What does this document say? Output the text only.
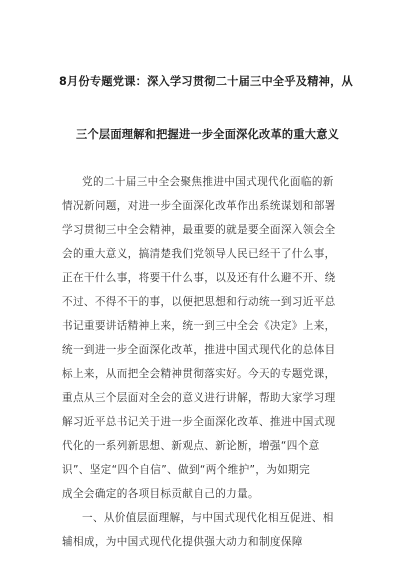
8月份专题党课：深入学习贯彻二十届三中全乎及精神，从
三个层面理解和把握进一步全面深化改革的重大意义
党的二十届三中全会聚焦推进中国式现代化面临的新
情况新问题，对进一步全面深化改革作出系统谋划和部署
学习贯彻三中全会精神，最重要的就是要全面深入领会全
会的重大意义，搞清楚我们党领导人民已经干了什么事，
正在干什么事，将要干什么事，以及还有什么避不开、绕
不过、不得不干的事，以便把思想和行动统一到习近平总
书记重要讲话精神上来，统一到三中全会《决定》上来，
统一到进一步全面深化改革，推进中国式现代化的总体目
标上来，从而把全会精神贯彻落实好。今天的专题党课，
重点从三个层面对全会的意义进行讲解，帮助大家学习理
解习近平总书记关于进一步全面深化改革、推进中国式现
代化的一系列新思想、新观点、新论断，增强“四个意
识”、坚定“四个自信”、做到“两个维护”，为如期完
成全会确定的各项目标贡献自己的力量。
一、从价值层面理解，与中国式现代化相互促进、相
辅相成，为中国式现代化提供强大动力和制度保障
